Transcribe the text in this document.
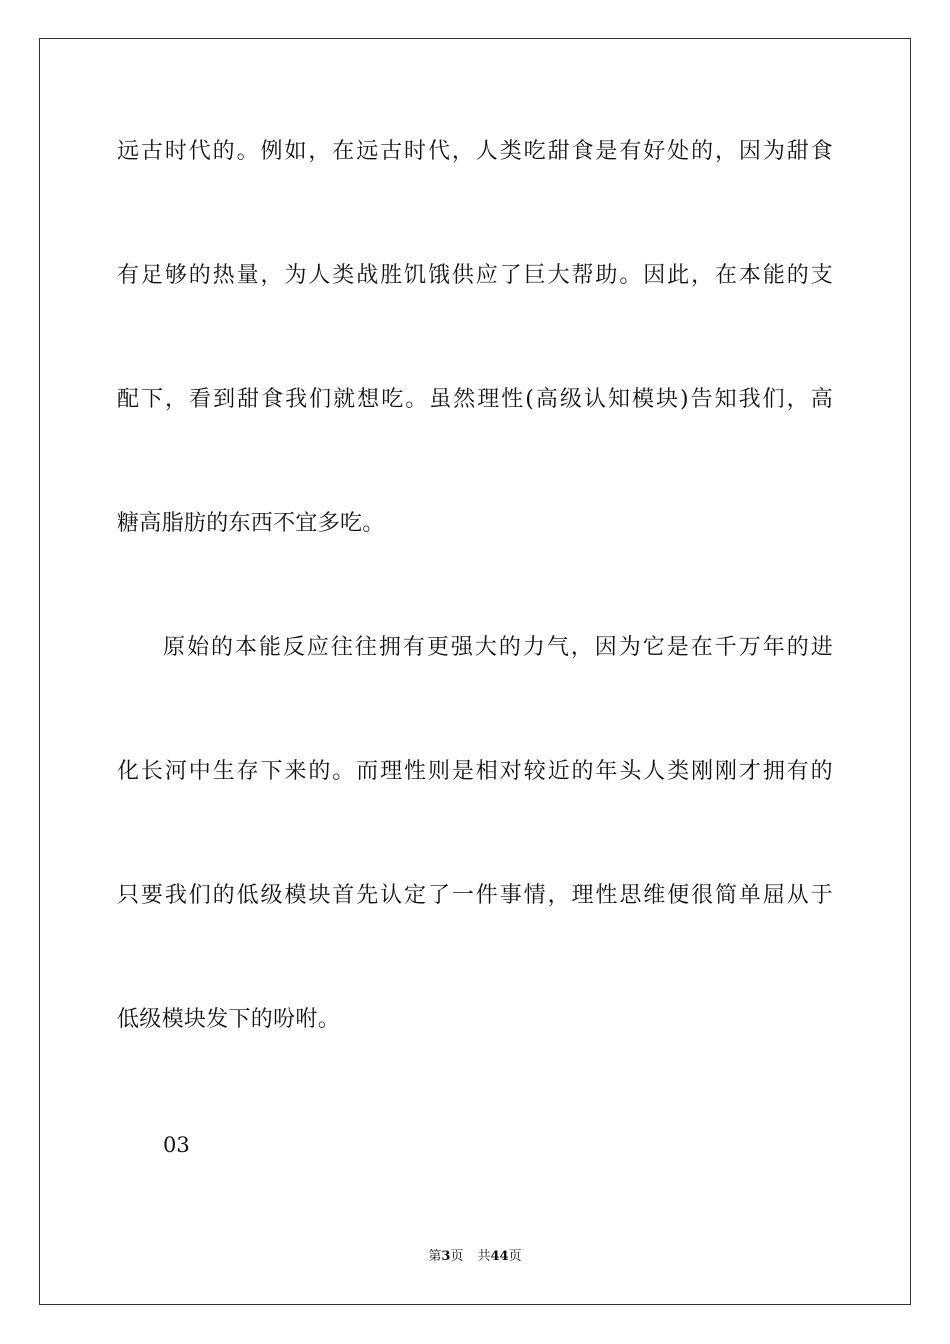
远古时代的。例如，在远古时代，人类吃甜食是有好处的，因为甜食
有足够的热量，为人类战胜饥饿供应了巨大帮助。因此，在本能的支
配下，看到甜食我们就想吃。虽然理性(高级认知模块)告知我们，高
糖高脂肪的东西不宜多吃。
原始的本能反应往往拥有更强大的力气，因为它是在千万年的进
化长河中生存下来的。而理性则是相对较近的年头人类刚刚才拥有的
只要我们的低级模块首先认定了一件事情，理性思维便很简单屈从于
低级模块发下的吩咐。
03
第3页 共44页
